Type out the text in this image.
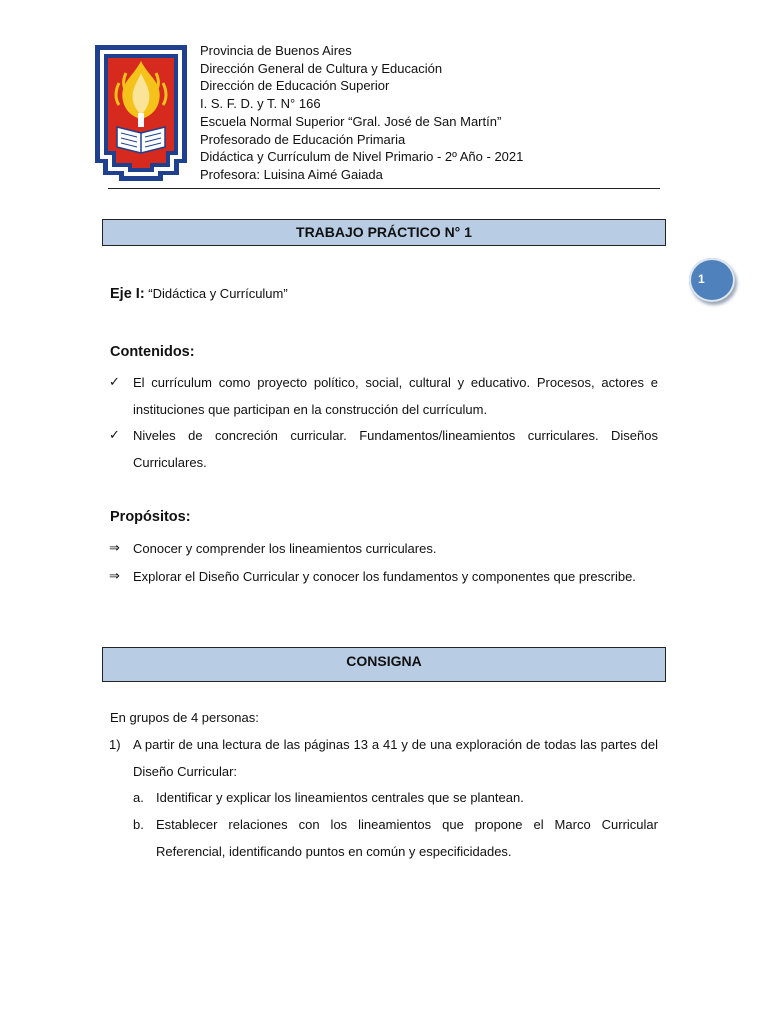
Provincia de Buenos Aires
Dirección General de Cultura y Educación
Dirección de Educación Superior
I. S. F. D. y T. N° 166
Escuela Normal Superior “Gral. José de San Martín”
Profesorado de Educación Primaria
Didáctica y Currículum de Nivel Primario - 2º Año - 2021
Profesora: Luisina Aimé Gaiada
TRABAJO PRÁCTICO N° 1
1
Eje I: “Didáctica y Currículum”
Contenidos:
✓ El currículum como proyecto político, social, cultural y educativo. Procesos, actores e instituciones que participan en la construcción del currículum.
✓ Niveles de concreción curricular. Fundamentos/lineamientos curriculares. Diseños Curriculares.
Propósitos:
⇒ Conocer y comprender los lineamientos curriculares.
⇒ Explorar el Diseño Curricular y conocer los fundamentos y componentes que prescribe.
CONSIGNA
En grupos de 4 personas:
1) A partir de una lectura de las páginas 13 a 41 y de una exploración de todas las partes del Diseño Curricular:
a. Identificar y explicar los lineamientos centrales que se plantean.
b. Establecer relaciones con los lineamientos que propone el Marco Curricular Referencial, identificando puntos en común y especificidades.
